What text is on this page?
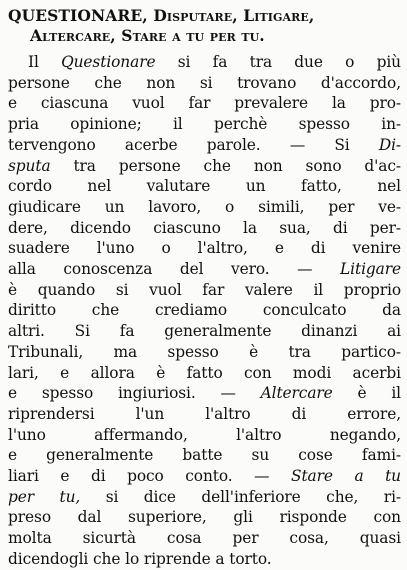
QUESTIONARE, Disputare, Litigare,
Altercare, Stare a tu per tu.
Il Questionare si fa tra due o più
persone che non si trovano d'accordo,
e ciascuna vuol far prevalere la pro-
pria opinione; il perchè spesso in-
tervengono acerbe parole. — Si Di-
sputa tra persone che non sono d'ac-
cordo nel valutare un fatto, nel
giudicare un lavoro, o simili, per ve-
dere, dicendo ciascuno la sua, di per-
suadere l'uno o l'altro, e di venire
alla conoscenza del vero. — Litigare
è quando si vuol far valere il proprio
diritto che crediamo conculcato da
altri. Si fa generalmente dinanzi ai
Tribunali, ma spesso è tra partico-
lari, e allora è fatto con modi acerbi
e spesso ingiuriosi. — Altercare è il
riprendersi l'un l'altro di errore,
l'uno affermando, l'altro negando,
e generalmente batte su cose fami-
liari e di poco conto. — Stare a tu
per tu, si dice dell'inferiore che, ri-
preso dal superiore, gli risponde con
molta sicurtà cosa per cosa, quasi
dicendogli che lo riprende a torto.
